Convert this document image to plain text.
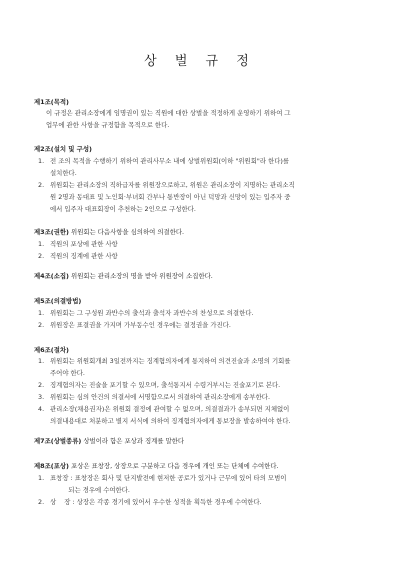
상 벌 규 정
제1조(목적)
이 규정은 관리소장에게 임명권이 있는 직원에 대한 상벌을 적정하게 운영하기 위하여 그
업무에 관한 사항을 규정함을 목적으로 한다.
제2조(설치 및 구성)
1. 전 조의 목적을 수행하기 위하여 관리사무소 내에 상벌위원회(이하 "위원회"라 한다)를
설치한다.
2. 위원회는 관리소장의 직하급자를 위원장으로하고, 위원은 관리소장이 지명하는 관리소직
원 2명과 동대표 및 노인회·부녀회 간부나 통반장이 아닌 덕망과 신망이 있는 입주자 중
에서 입주자 대표회장이 추천하는 2인으로 구성한다.
제3조(권한) 위원회는 다음사항을 심의하여 의결한다.
1. 직원의 포상에 관한 사항
2. 직원의 징계에 관한 사항
제4조(소집) 위원회는 관리소장의 명을 받아 위원장이 소집한다.
제5조(의결방법)
1. 위원회는 그 구성원 과반수의 출석과 출석자 과반수의 찬성으로 의결한다.
2. 위원장은 표결권을 가지며 가부동수인 경우에는 결정권을 가진다.
제6조(절차)
1. 위원회는 위원회개최 3일전까지는 징계혐의자에게 통지하여 의견진술과 소명의 기회를
주어야 한다.
2. 징계혐의자는 진술을 포기할 수 있으며, 출석통지서 수령거부시는 진술포기로 본다.
3. 위원회는 심의 안건의 의결서에 서명함으로서 의결하여 관리소장에게 송부한다.
4. 관리소장(채용권자)은 위원회 결정에 관여할 수 없으며, 의결결과가 송부되면 지체없이
의결내용대로 처분하고 별지 서식에 의하여 징계혐의자에게 통보장을 발송하여야 한다.
제7조(상벌종류) 상벌이라 함은 포상과 징계를 말한다
제8조(포상) 포상은 표창장, 상장으로 구분하고 다음 경우에 개인 또는 단체에 수여한다.
1. 표창장 : 표창장은 회사 및 단지발전에 현저한 공로가 있거나 근무에 있어 타의 모범이
되는 경우에 수여한다.
2. 상    장 : 상장은 각종 경기에 있어서 우수한 성적을 획득한 경우에 수여한다.
